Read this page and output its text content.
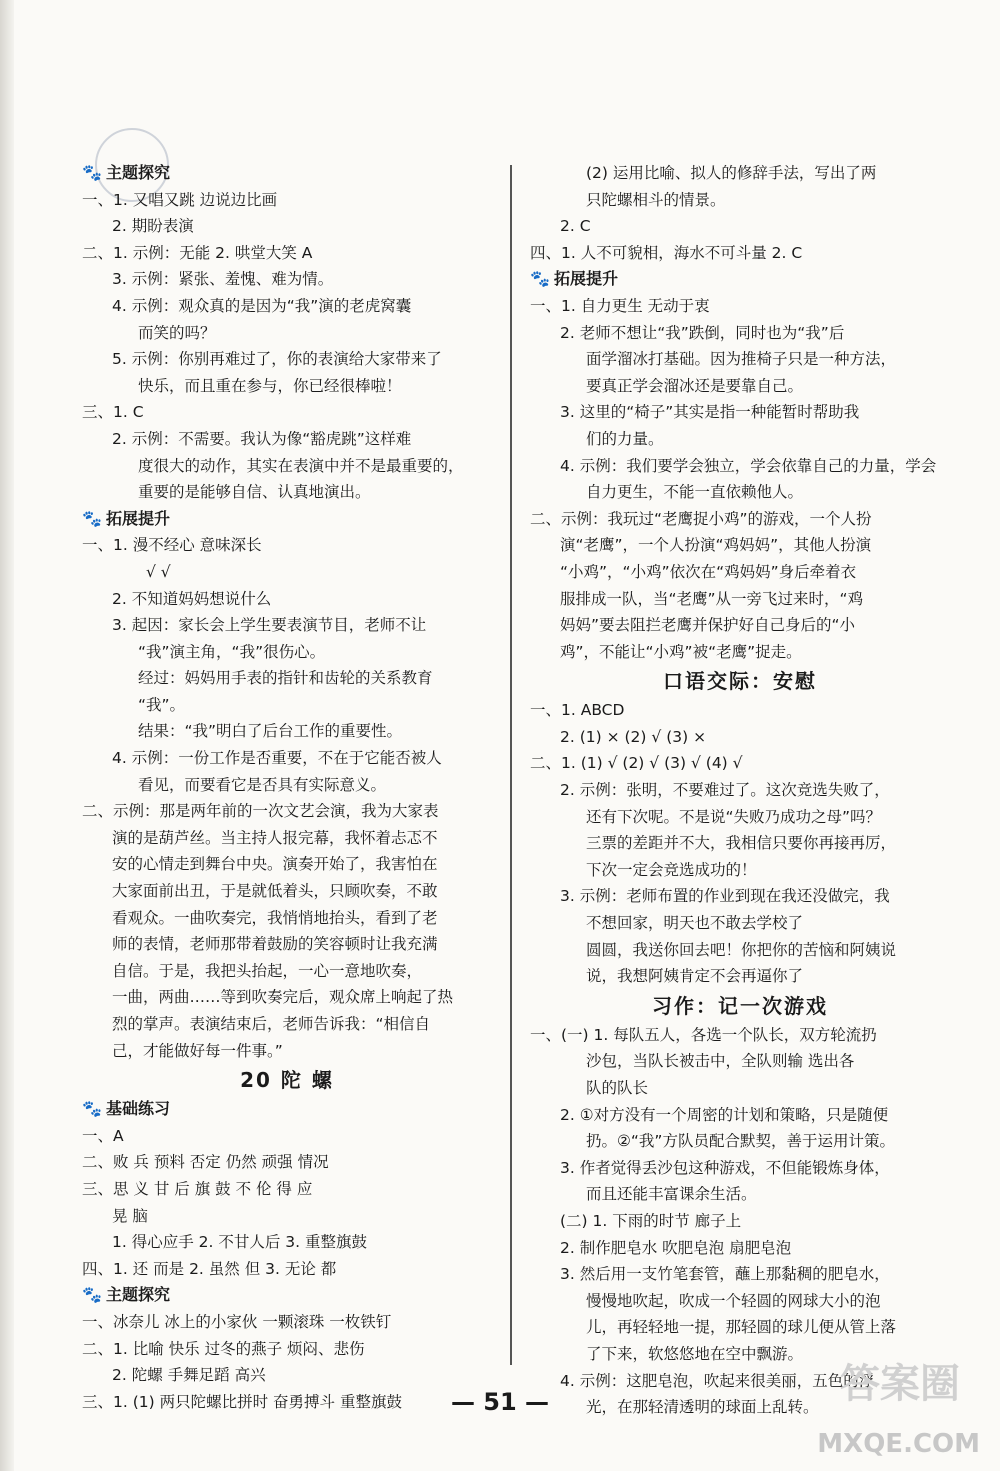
🐾 主题探究
一、1. 又唱又跳 边说边比画
2. 期盼表演
二、1. 示例：无能 2. 哄堂大笑 A
3. 示例：紧张、羞愧、难为情。
4. 示例：观众真的是因为“我”演的老虎窝囊
而笑的吗？
5. 示例：你别再难过了，你的表演给大家带来了
快乐，而且重在参与，你已经很棒啦！
三、1. C
2. 示例：不需要。我认为像“豁虎跳”这样难
度很大的动作，其实在表演中并不是最重要的，
重要的是能够自信、认真地演出。
🐾 拓展提升
一、1. 漫不经心 意味深长
√ √
2. 不知道妈妈想说什么
3. 起因：家长会上学生要表演节目，老师不让
“我”演主角，“我”很伤心。
经过：妈妈用手表的指针和齿轮的关系教育
“我”。
结果：“我”明白了后台工作的重要性。
4. 示例：一份工作是否重要，不在于它能否被人
看见，而要看它是否具有实际意义。
二、示例：那是两年前的一次文艺会演，我为大家表
演的是葫芦丝。当主持人报完幕，我怀着忐忑不
安的心情走到舞台中央。演奏开始了，我害怕在
大家面前出丑，于是就低着头，只顾吹奏，不敢
看观众。一曲吹奏完，我悄悄地抬头，看到了老
师的表情，老师那带着鼓励的笑容顿时让我充满
自信。于是，我把头抬起，一心一意地吹奏，
一曲，两曲……等到吹奏完后，观众席上响起了热
烈的掌声。表演结束后，老师告诉我：“相信自
己，才能做好每一件事。”
20 陀 螺
🐾 基础练习
一、A
二、败 兵 预料 否定 仍然 顽强 情况
三、思 义 甘 后 旗 鼓 不 伦 得 应
晃 脑
1. 得心应手 2. 不甘人后 3. 重整旗鼓
四、1. 还 而是 2. 虽然 但 3. 无论 都
🐾 主题探究
一、冰奈儿 冰上的小家伙 一颗滚珠 一枚铁钉
二、1. 比喻 快乐 过冬的燕子 烦闷、悲伤
2. 陀螺 手舞足蹈 高兴
三、1. (1) 两只陀螺比拼时 奋勇搏斗 重整旗鼓
(2) 运用比喻、拟人的修辞手法，写出了两
只陀螺相斗的情景。
2. C
四、1. 人不可貌相，海水不可斗量 2. C
🐾 拓展提升
一、1. 自力更生 无动于衷
2. 老师不想让“我”跌倒，同时也为“我”后
面学溜冰打基础。因为推椅子只是一种方法，
要真正学会溜冰还是要靠自己。
3. 这里的“椅子”其实是指一种能暂时帮助我
们的力量。
4. 示例：我们要学会独立，学会依靠自己的力量，学会
自力更生，不能一直依赖他人。
二、示例：我玩过“老鹰捉小鸡”的游戏，一个人扮
演“老鹰”，一个人扮演“鸡妈妈”，其他人扮演
“小鸡”，“小鸡”依次在“鸡妈妈”身后牵着衣
服排成一队，当“老鹰”从一旁飞过来时，“鸡
妈妈”要去阻拦老鹰并保护好自己身后的“小
鸡”，不能让“小鸡”被“老鹰”捉走。
口语交际：安慰
一、1. ABCD
2. (1) × (2) √ (3) ×
二、1. (1) √ (2) √ (3) √ (4) √
2. 示例：张明，不要难过了。这次竞选失败了，
还有下次呢。不是说“失败乃成功之母”吗？
三票的差距并不大，我相信只要你再接再厉，
下次一定会竞选成功的！
3. 示例：老师布置的作业到现在我还没做完，我
不想回家，明天也不敢去学校了
圆圆，我送你回去吧！你把你的苦恼和阿姨说
说，我想阿姨肯定不会再逼你了
习作：记一次游戏
一、(一) 1. 每队五人，各选一个队长，双方轮流扔
沙包，当队长被击中，全队则输 选出各
队的队长
2. ①对方没有一个周密的计划和策略，只是随便
扔。②“我”方队员配合默契，善于运用计策。
3. 作者觉得丢沙包这种游戏，不但能锻炼身体，
而且还能丰富课余生活。
(二) 1. 下雨的时节 廊子上
2. 制作肥皂水 吹肥皂泡 扇肥皂泡
3. 然后用一支竹笔套管，蘸上那黏稠的肥皂水，
慢慢地吹起，吹成一个轻圆的网球大小的泡
儿，再轻轻地一提，那轻圆的球儿便从管上落
了下来，软悠悠地在空中飘游。
4. 示例：这肥皂泡，吹起来很美丽，五色的浮
光，在那轻清透明的球面上乱转。
— 51 —	答案圈
MXQE.COM
